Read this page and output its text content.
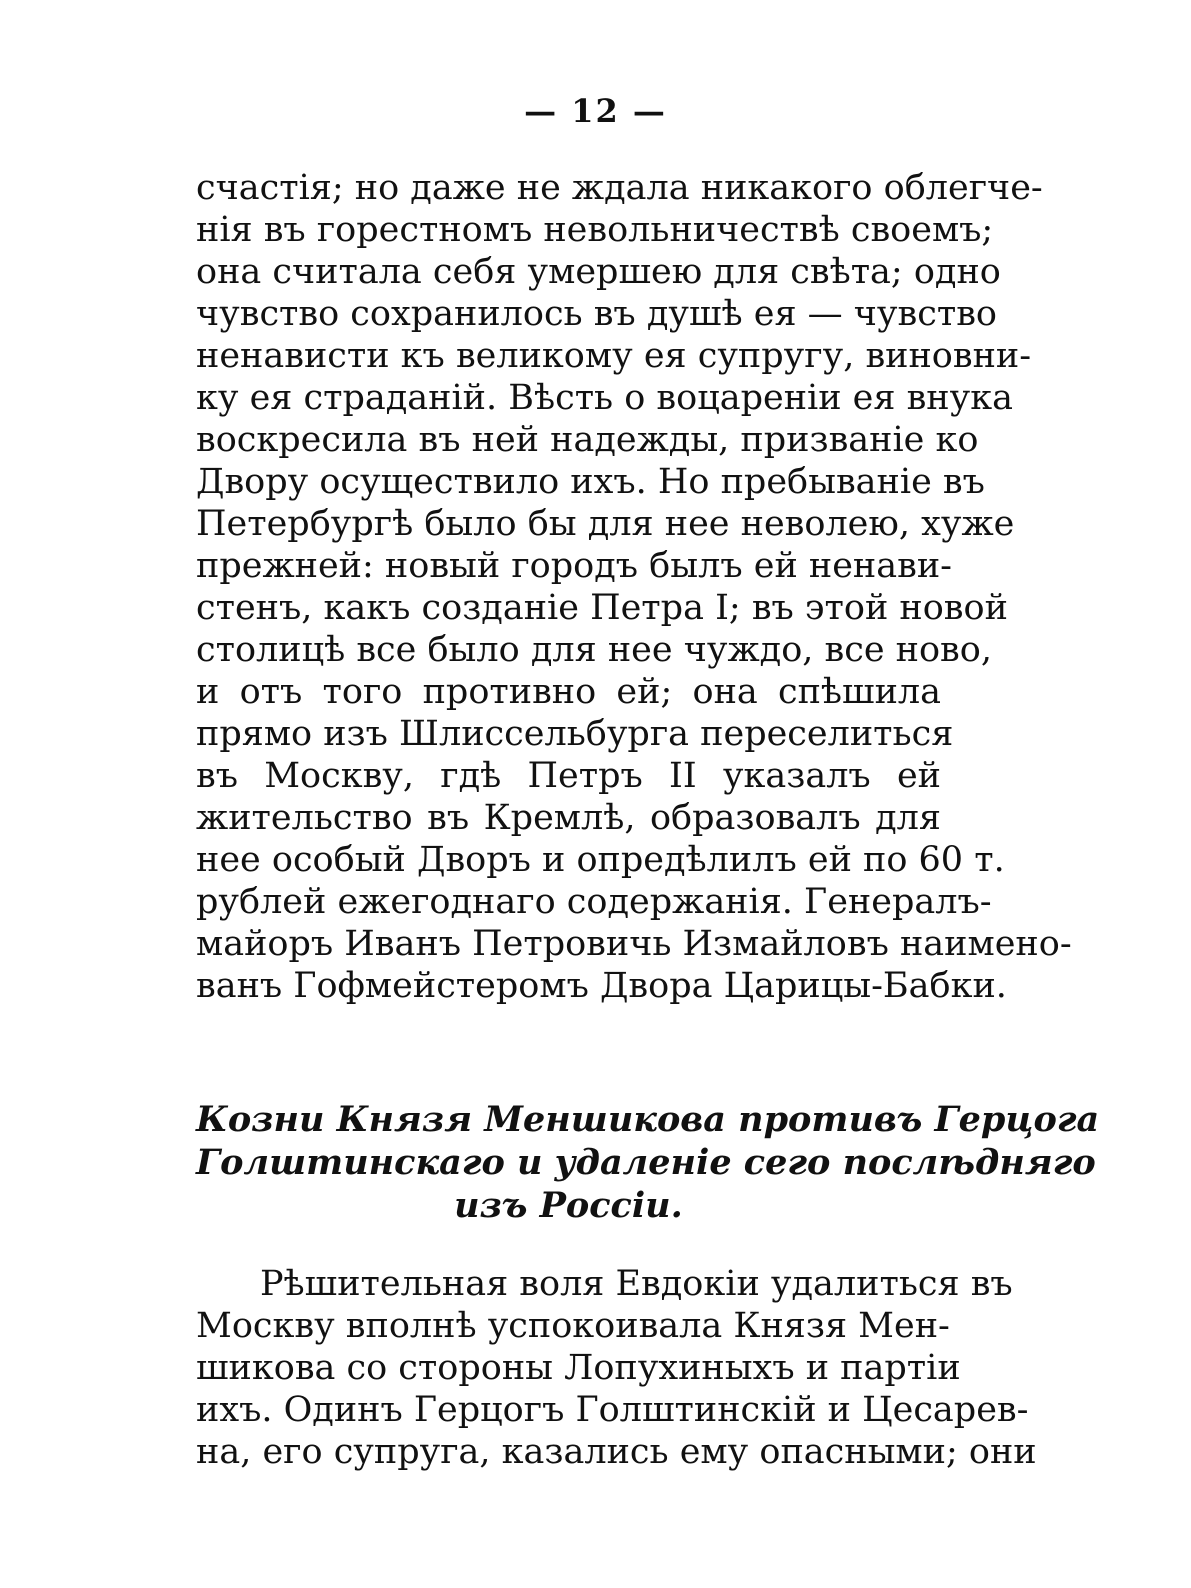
— 12 —
счастія; но даже не ждала никакого облегче-
нія въ горестномъ невольничествѣ своемъ;
она считала себя умершею для свѣта; одно
чувство сохранилось въ душѣ ея — чувство
ненависти къ великому ея супругу, виновни-
ку ея страданій. Вѣсть о воцареніи ея внука
воскресила въ ней надежды, призваніе ко
Двору осуществило ихъ. Но пребываніе въ
Петербургѣ было бы для нее неволею, хуже
прежней: новый городъ былъ ей ненави-
стенъ, какъ созданіе Петра I; въ этой новой
столицѣ все было для нее чуждо, все ново,
и отъ того противно ей; она спѣшила
прямо изъ Шлиссельбурга переселиться
въ Москву, гдѣ Петръ II указалъ ей
жительство въ Кремлѣ, образовалъ для
нее особый Дворъ и опредѣлилъ ей по 60 т.
рублей ежегоднаго содержанія. Генералъ-
майоръ Иванъ Петровичь Измайловъ наимено-
ванъ Гофмейстеромъ Двора Царицы-Бабки.
Козни Князя Меншикова противъ Герцога
Голштинскаго и удаленіе сего послѣдняго
изъ Россіи.
Рѣшительная воля Евдокіи удалиться въ
Москву вполнѣ успокоивала Князя Мен-
шикова со стороны Лопухиныхъ и партіи
ихъ. Одинъ Герцогъ Голштинскій и Цесарев-
на, его супруга, казались ему опасными; они
